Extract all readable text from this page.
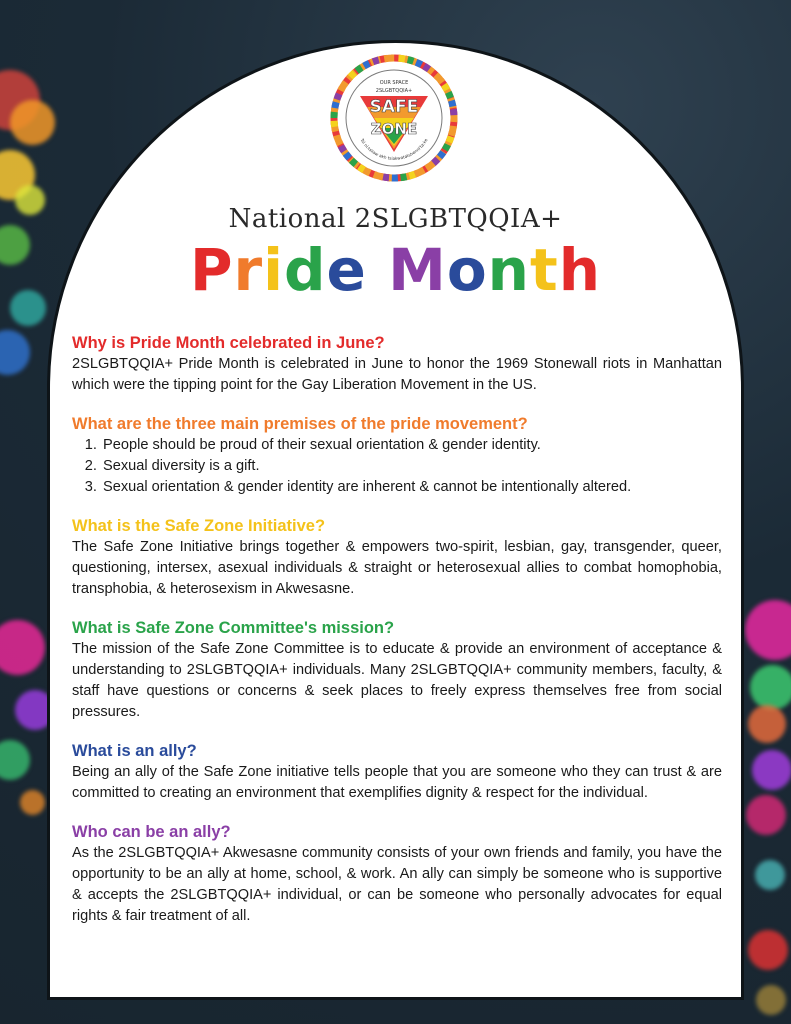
OUR SPACE
2SLGBTQQIA+
SAFE
ZONE
Tsi ní:tsiiaw akh tsiakwatatshenni'ta:ke
National 2SLGBTQQIA+
Pride Month

Why is Pride Month celebrated in June?

2SLGBTQQIA+ Pride Month is celebrated in June to honor the 1969 Stonewall riots in Manhattan which were the tipping point for the Gay Liberation Movement in the US.

What are the three main premises of the pride movement?

1. People should be proud of their sexual orientation & gender identity.
2. Sexual diversity is a gift.
3. Sexual orientation & gender identity are inherent & cannot be intentionally altered.

What is the Safe Zone Initiative?

The Safe Zone Initiative brings together & empowers two-spirit, lesbian, gay, transgender, queer, questioning, intersex, asexual individuals & straight or heterosexual allies to combat homophobia, transphobia, & heterosexism in Akwesasne.

What is Safe Zone Committee's mission?

The mission of the Safe Zone Committee is to educate & provide an environment of acceptance & understanding to 2SLGBTQQIA+ individuals. Many 2SLGBTQQIA+ community members, faculty, & staff have questions or concerns & seek places to freely express themselves free from social pressures.

What is an ally?

Being an ally of the Safe Zone initiative tells people that you are someone who they can trust & are committed to creating an environment that exemplifies dignity & respect for the individual.

Who can be an ally?

As the 2SLGBTQQIA+ Akwesasne community consists of your own friends and family, you have the opportunity to be an ally at home, school, & work. An ally can simply be someone who is supportive & accepts the 2SLGBTQQIA+ individual, or can be someone who personally advocates for equal rights & fair treatment of all.
